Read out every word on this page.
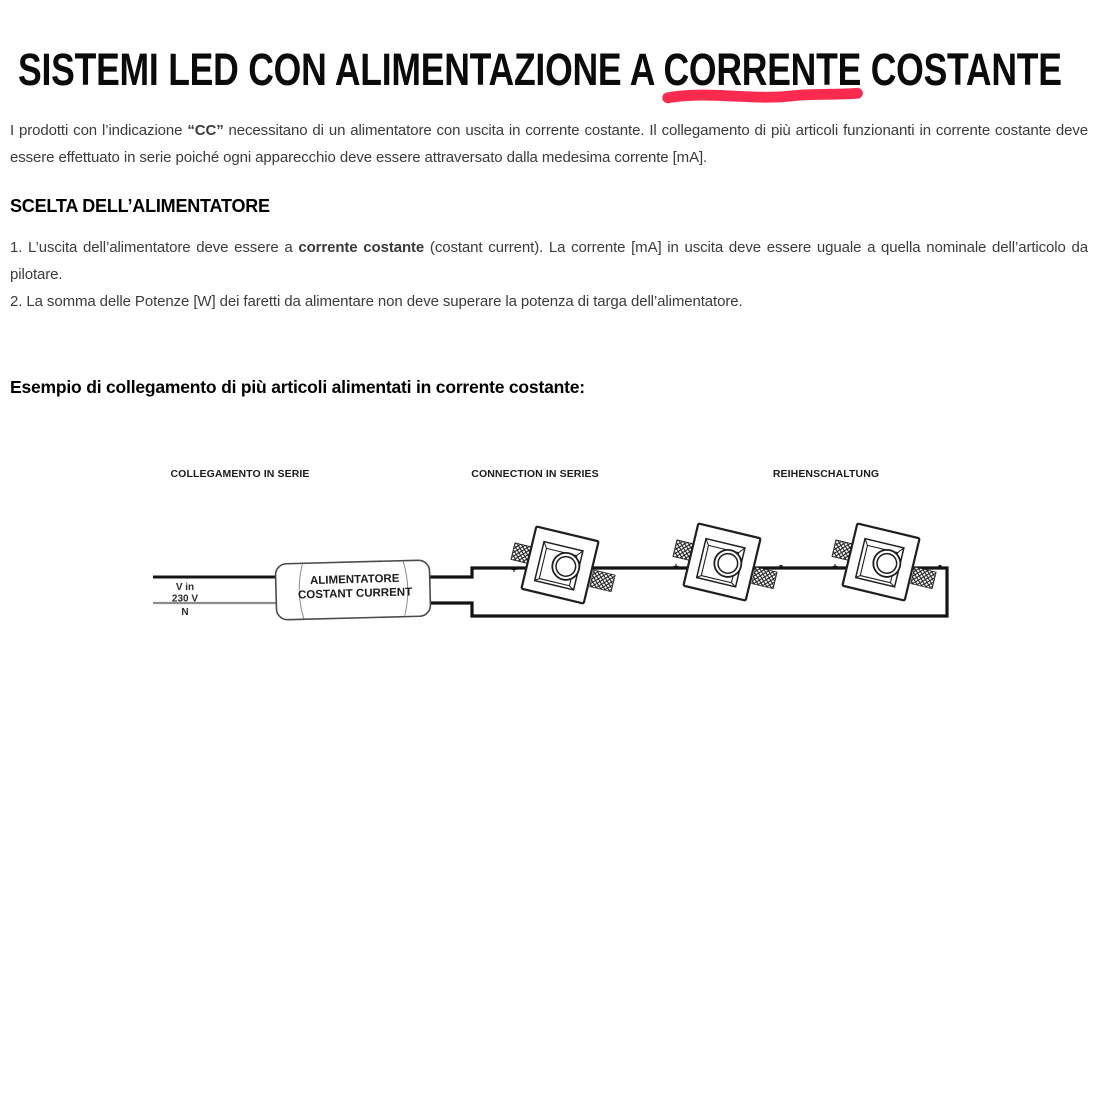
SISTEMI LED CON ALIMENTAZIONE A
CORRENTE COSTANTE

I prodotti con l’indicazione “CC” necessitano di un alimentatore con uscita in corrente costante. Il collegamento di più articoli funzionanti in corrente costante deve essere effettuato in serie poiché ogni apparecchio deve essere attraversato dalla medesima corrente [mA].

SCELTA DELL’ALIMENTATORE

1. L’uscita dell’alimentatore deve essere a corrente costante (costant current). La corrente [mA] in uscita deve essere uguale a quella nominale dell’articolo da pilotare.

2. La somma delle Potenze [W] dei faretti da alimentare non deve superare la potenza di targa dell’alimentatore.

Esempio di collegamento di più articoli alimentati in corrente costante:
COLLEGAMENTO IN SERIE	CONNECTION IN SERIES	REIHENSCHALTUNG
V in
230 V
N
ALIMENTATORE
COSTANT CURRENT
+	-	+	-	+	-
